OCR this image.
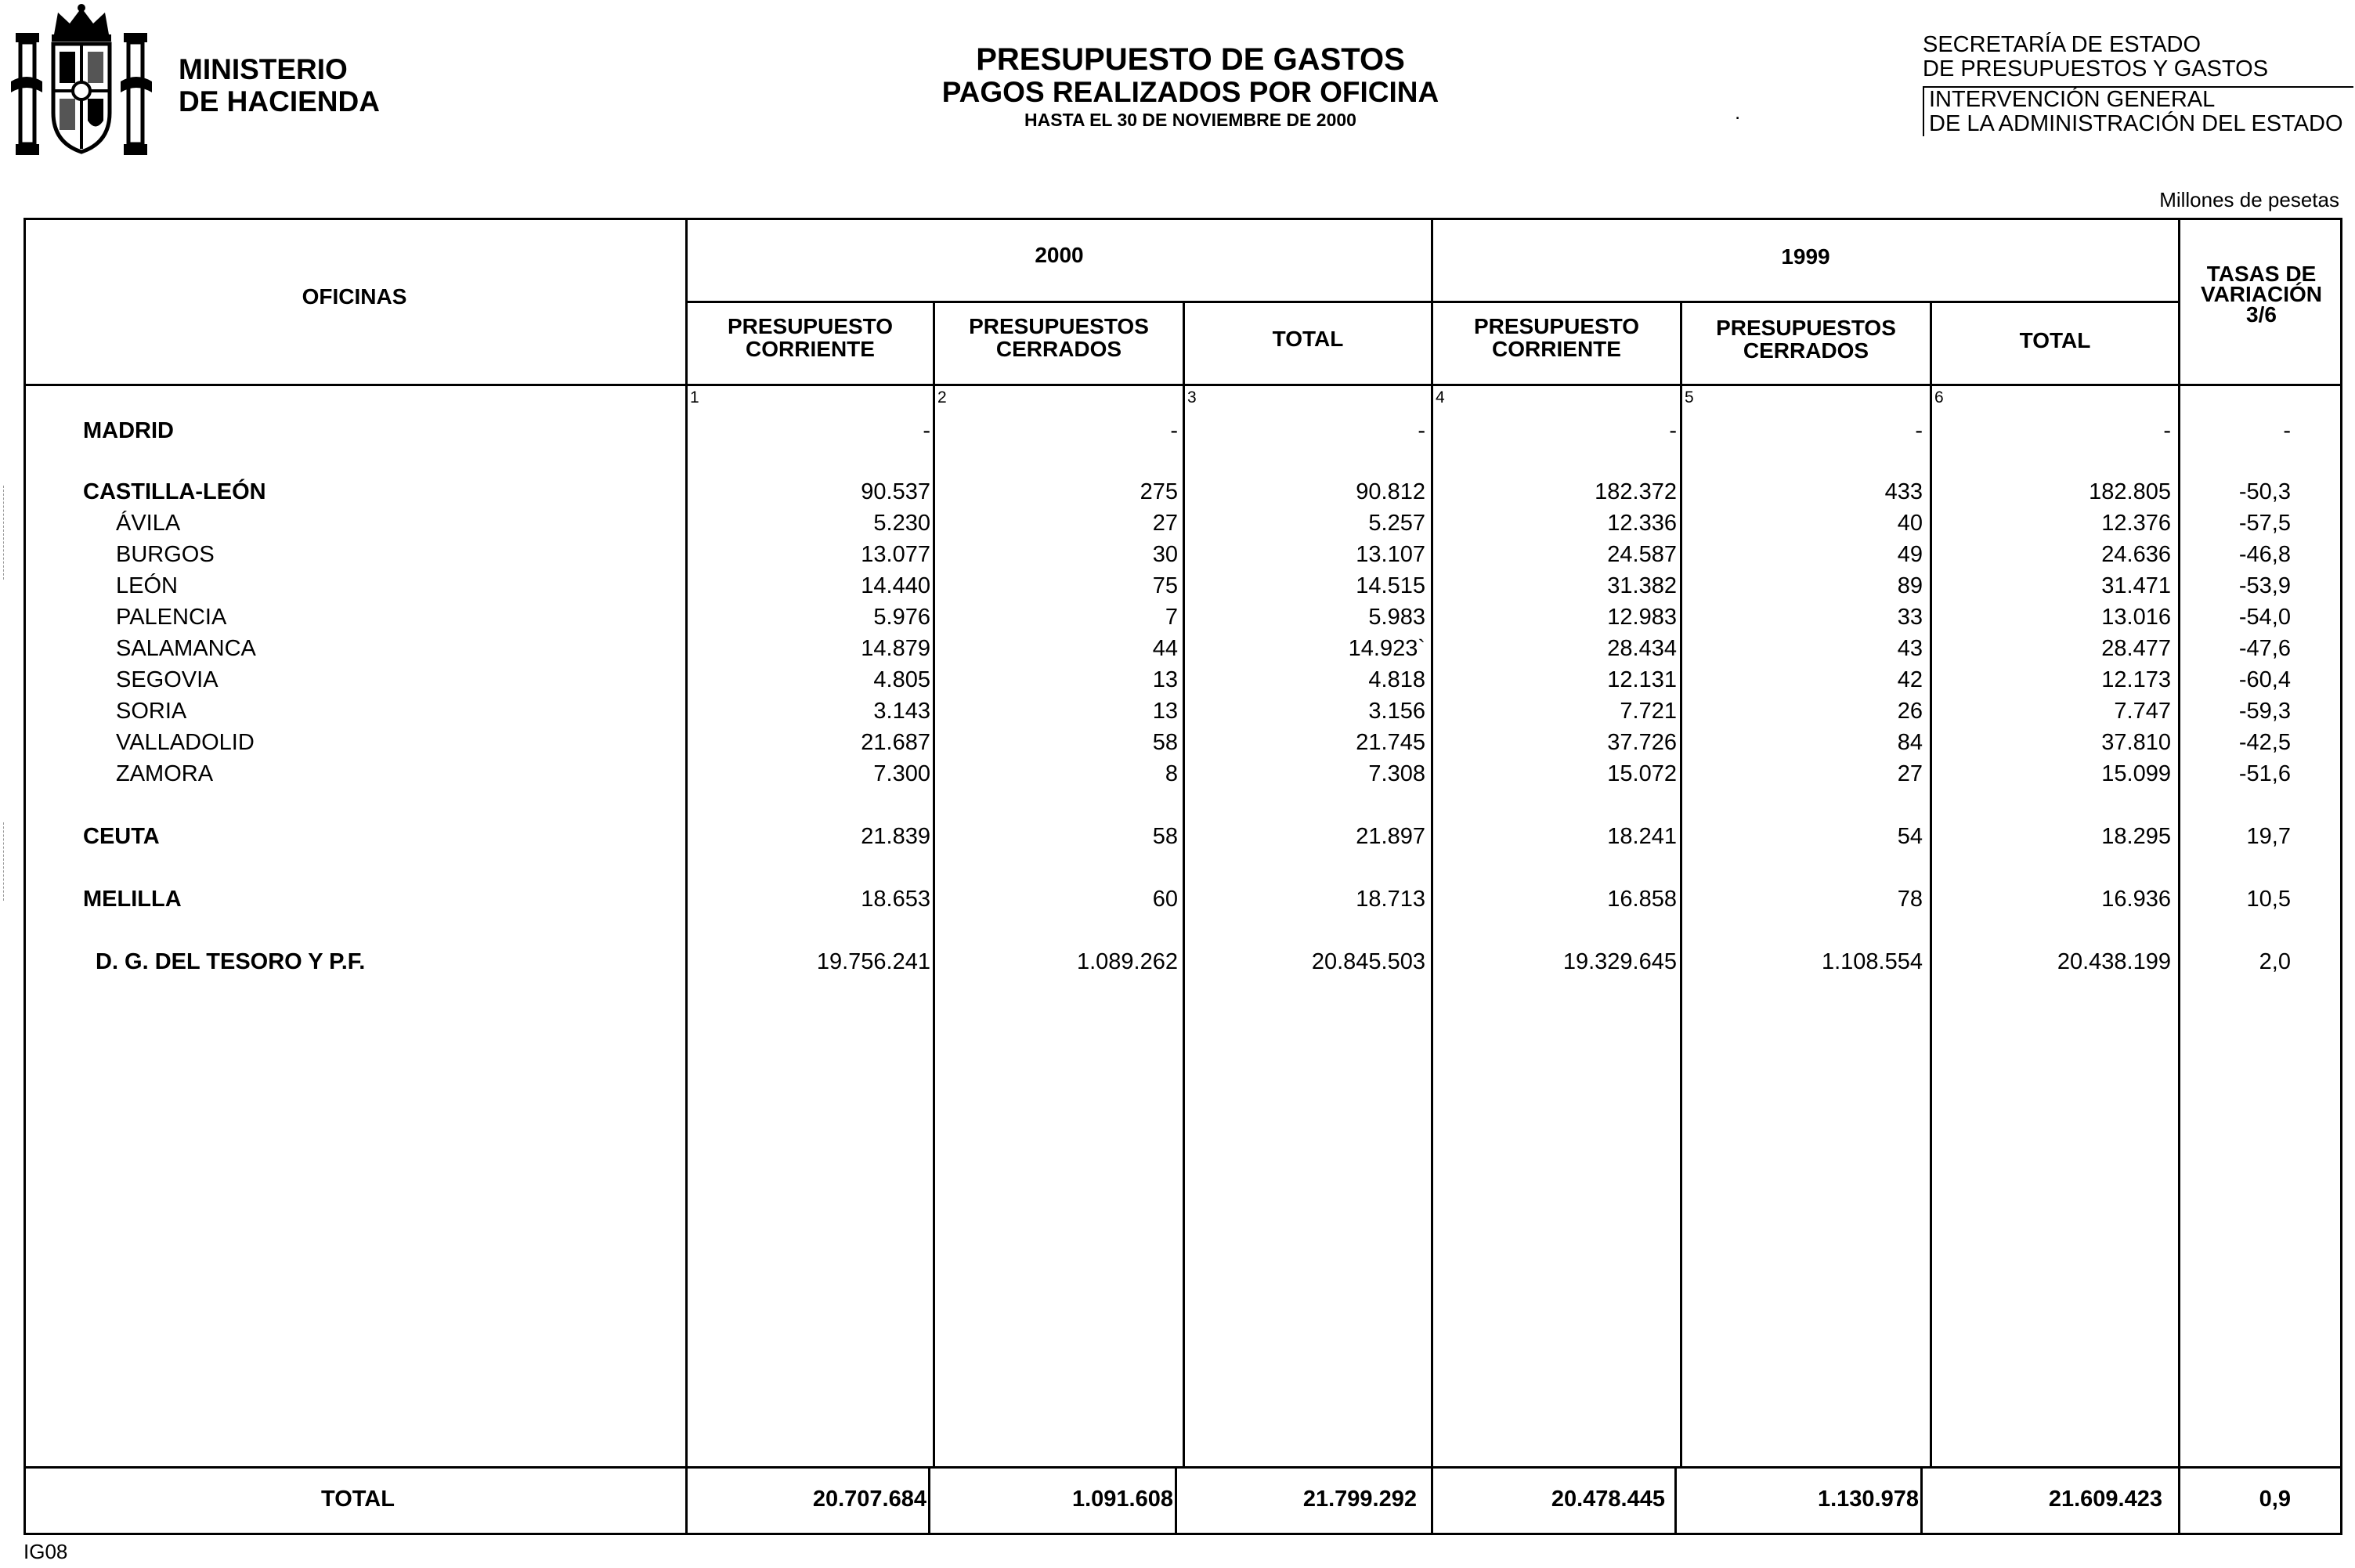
MINISTERIO
DE HACIENDA
PRESUPUESTO DE GASTOS
PAGOS REALIZADOS POR OFICINA
HASTA EL 30 DE NOVIEMBRE DE 2000	.
SECRETARÍA DE ESTADO
DE PRESUPUESTOS Y GASTOS
INTERVENCIÓN GENERAL
DE LA ADMINISTRACIÓN DEL ESTADO
Millones de pesetas
OFICINAS
2000	1999
TASAS DE
VARIACIÓN
3/6
PRESUPUESTO
CORRIENTE
PRESUPUESTOS
CERRADOS	TOTAL
PRESUPUESTO
CORRIENTE
PRESUPUESTOS
CERRADOS	TOTAL
1	2	3	4	5	6
MADRID	-	-	-	-	-	-	-
CASTILLA-LEÓN	90.537	275	90.812	182.372	433	182.805	-50,3
ÁVILA	5.230	27	5.257	12.336	40	12.376	-57,5
BURGOS	13.077	30	13.107	24.587	49	24.636	-46,8
LEÓN	14.440	75	14.515	31.382	89	31.471	-53,9
PALENCIA	5.976	7	5.983	12.983	33	13.016	-54,0
SALAMANCA	14.879	44	14.923`	28.434	43	28.477	-47,6
SEGOVIA	4.805	13	4.818	12.131	42	12.173	-60,4
SORIA	3.143	13	3.156	7.721	26	7.747	-59,3
VALLADOLID	21.687	58	21.745	37.726	84	37.810	-42,5
ZAMORA	7.300	8	7.308	15.072	27	15.099	-51,6
CEUTA	21.839	58	21.897	18.241	54	18.295	19,7
MELILLA	18.653	60	18.713	16.858	78	16.936	10,5
D. G. DEL TESORO Y P.F.	19.756.241	1.089.262	20.845.503	19.329.645	1.108.554	20.438.199	2,0
TOTAL	20.707.684	1.091.608	21.799.292	20.478.445	1.130.978	21.609.423	0,9
IG08
